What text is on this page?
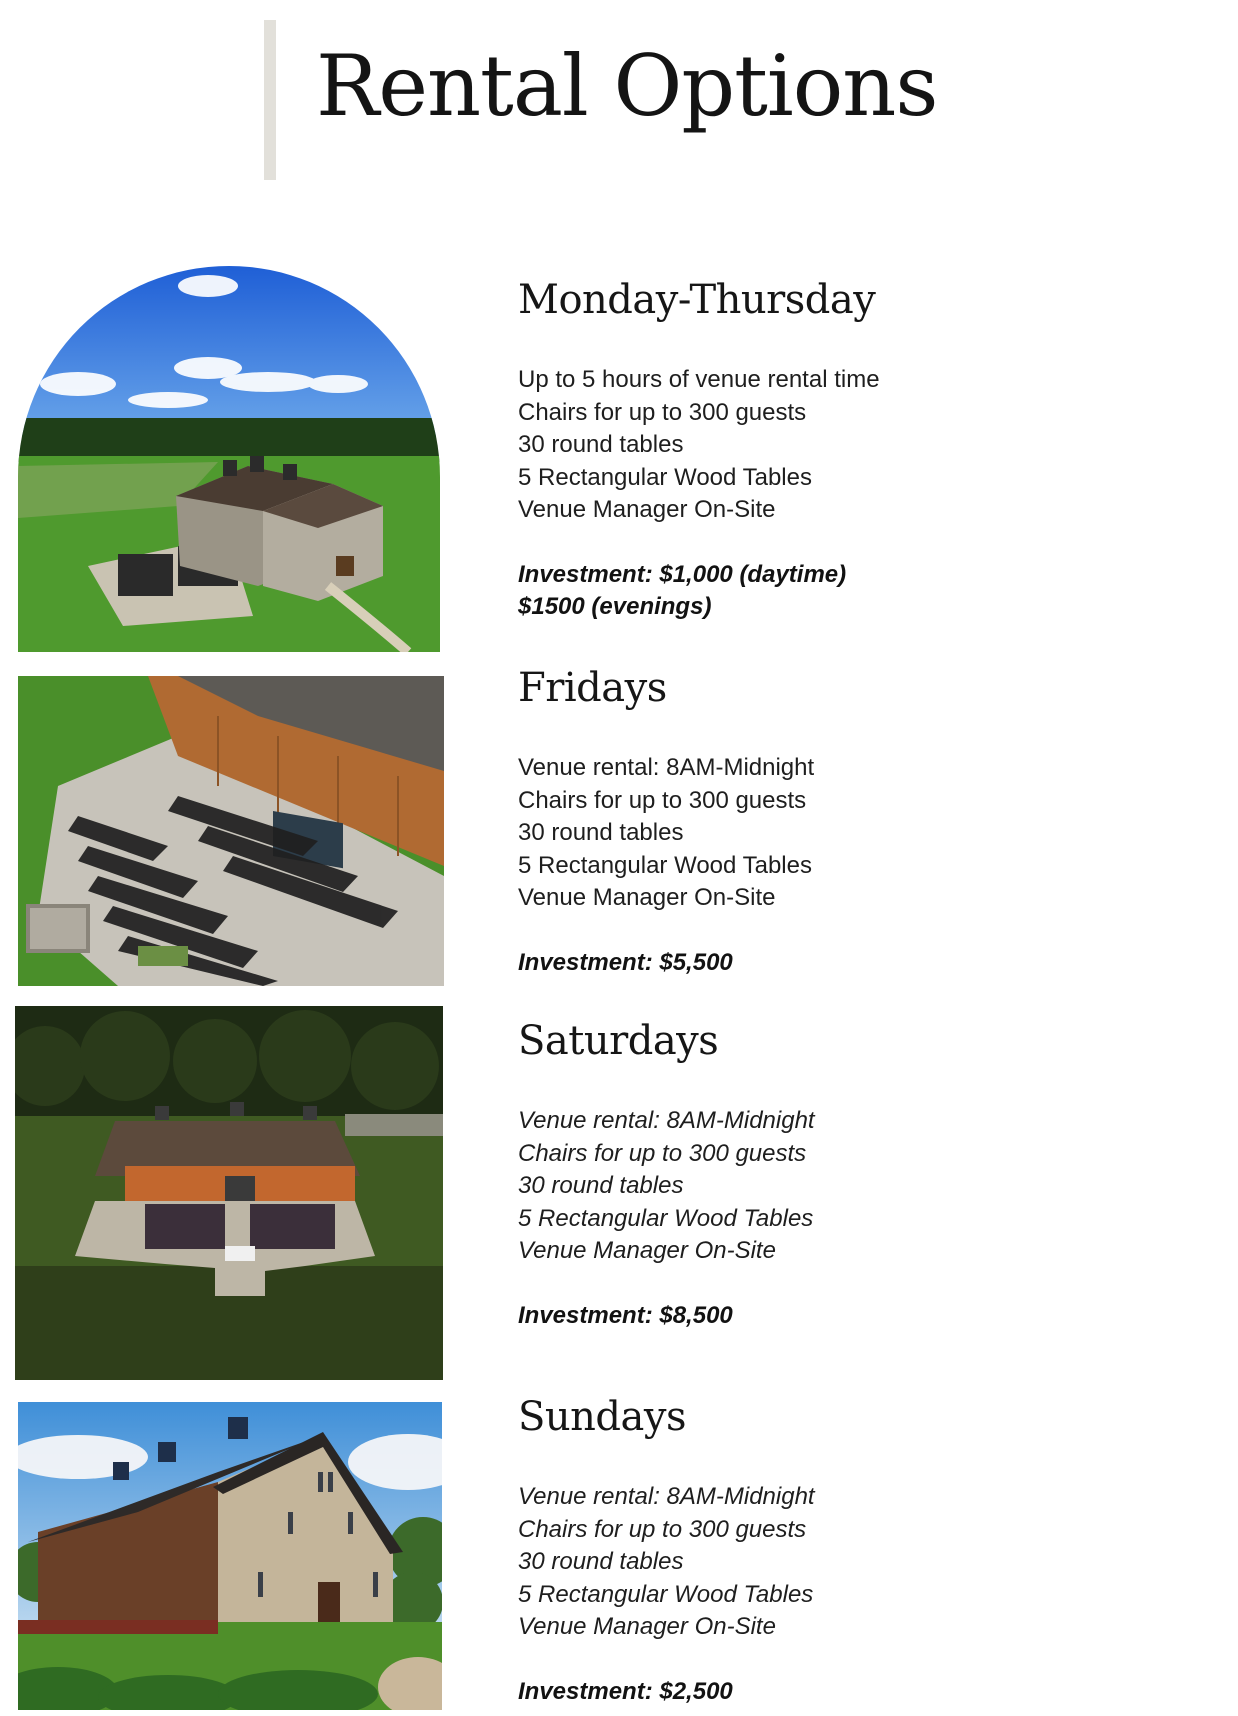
Rental Options
Monday-Thursday
Up to 5 hours of venue rental time
Chairs for up to 300 guests
30 round tables
5 Rectangular Wood Tables
Venue Manager On-Site

Investment: $1,000 (daytime)
$1500 (evenings)

Fridays
Venue rental: 8AM-Midnight
Chairs for up to 300 guests
30 round tables
5 Rectangular Wood Tables
Venue Manager On-Site

Investment: $5,500

Saturdays
Venue rental: 8AM-Midnight
Chairs for up to 300 guests
30 round tables
5 Rectangular Wood Tables
Venue Manager On-Site

Investment: $8,500

Sundays
Venue rental: 8AM-Midnight
Chairs for up to 300 guests
30 round tables
5 Rectangular Wood Tables
Venue Manager On-Site

Investment: $2,500
